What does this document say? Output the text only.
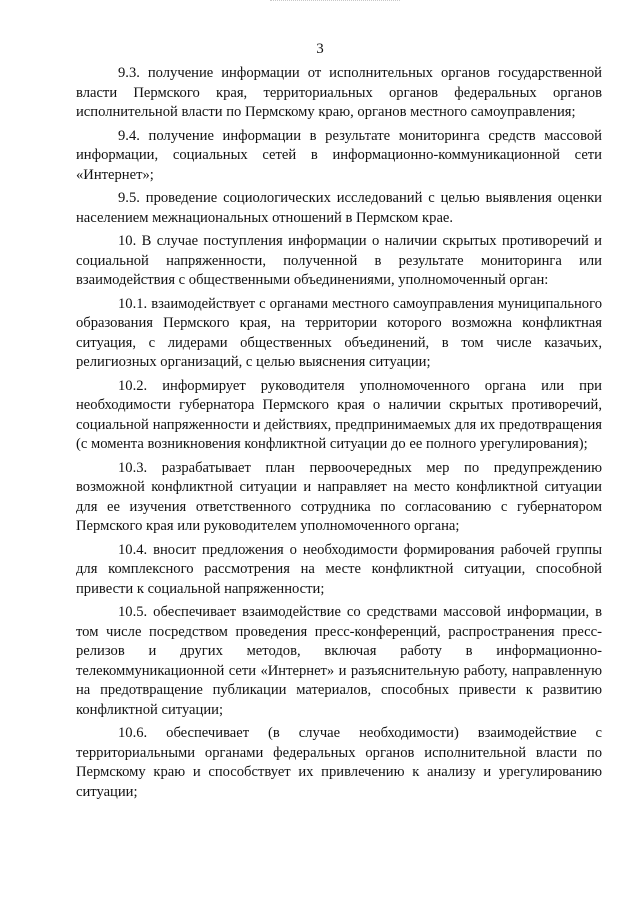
3

9.3. получение информации от исполнительных органов государственной власти Пермского края, территориальных органов федеральных органов исполнительной власти по Пермскому краю, органов местного самоуправления;

9.4. получение информации в результате мониторинга средств массовой информации, социальных сетей в информационно-коммуникационной сети «Интернет»;

9.5. проведение социологических исследований с целью выявления оценки населением межнациональных отношений в Пермском крае.

10. В случае поступления информации о наличии скрытых противоречий и социальной напряженности, полученной в результате мониторинга или взаимодействия с общественными объединениями, уполномоченный орган:

10.1. взаимодействует с органами местного самоуправления муниципального образования Пермского края, на территории которого возможна конфликтная ситуация, с лидерами общественных объединений, в том числе казачьих, религиозных организаций, с целью выяснения ситуации;

10.2. информирует руководителя уполномоченного органа или при необходимости губернатора Пермского края о наличии скрытых противоречий, социальной напряженности и действиях, предпринимаемых для их предотвращения (с момента возникновения конфликтной ситуации до ее полного урегулирования);

10.3. разрабатывает план первоочередных мер по предупреждению возможной конфликтной ситуации и направляет на место конфликтной ситуации для ее изучения ответственного сотрудника по согласованию с губернатором Пермского края или руководителем уполномоченного органа;

10.4. вносит предложения о необходимости формирования рабочей группы для комплексного рассмотрения на месте конфликтной ситуации, способной привести к социальной напряженности;

10.5. обеспечивает взаимодействие со средствами массовой информации, в том числе посредством проведения пресс-конференций, распространения пресс-релизов и других методов, включая работу в информационно-телекоммуникационной сети «Интернет» и разъяснительную работу, направленную на предотвращение публикации материалов, способных привести к развитию конфликтной ситуации;

10.6. обеспечивает (в случае необходимости) взаимодействие с территориальными органами федеральных органов исполнительной власти по Пермскому краю и способствует их привлечению к анализу и урегулированию ситуации;
